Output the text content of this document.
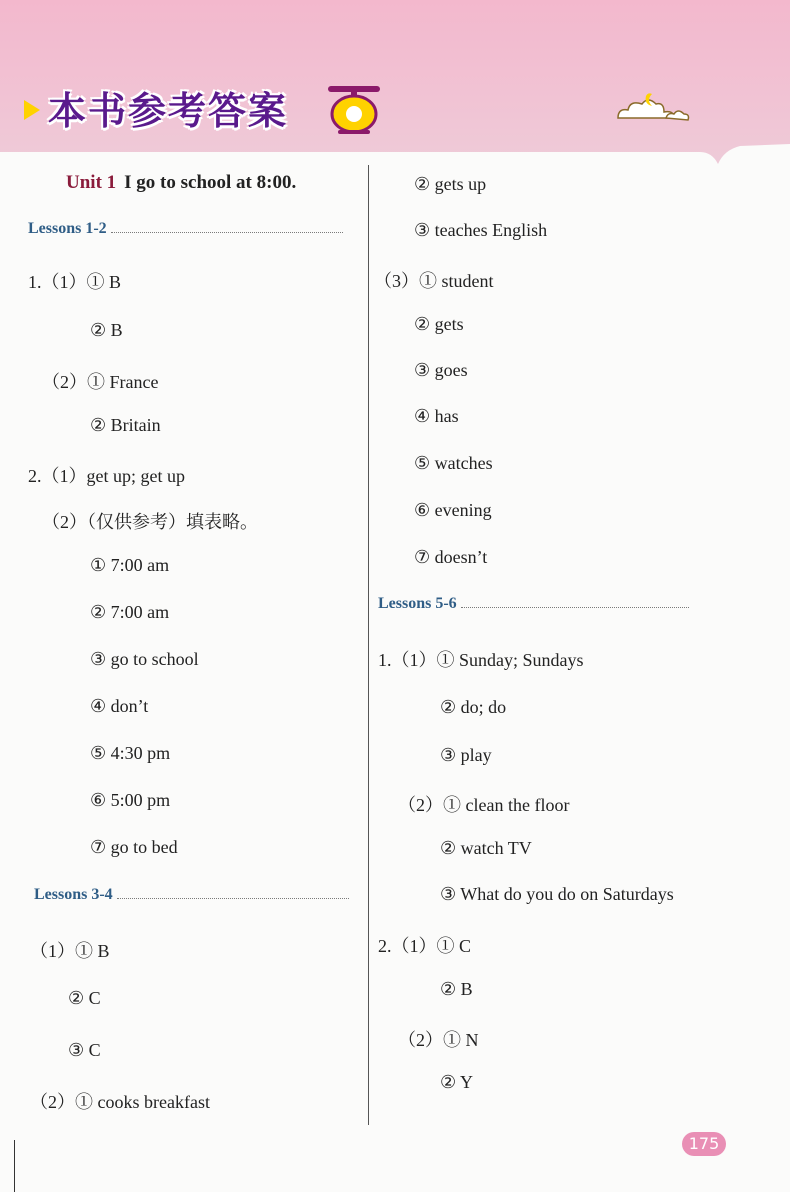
本书参考答案
Unit 1 I go to school at 8:00.
Lessons 1-2
1.（1）① B
② B
（2）① France
② Britain
2.（1）get up; get up
（2）（仅供参考）填表略。
① 7:00 am
② 7:00 am
③ go to school
④ don’t
⑤ 4:30 pm
⑥ 5:00 pm
⑦ go to bed
Lessons 3-4
（1）① B
② C
③ C
（2）① cooks breakfast
② gets up
③ teaches English
（3）① student
② gets
③ goes
④ has
⑤ watches
⑥ evening
⑦ doesn’t
Lessons 5-6
1.（1）① Sunday; Sundays
② do; do
③ play
（2）① clean the floor
② watch TV
③ What do you do on Saturdays
2.（1）① C
② B
（2）① N
② Y
175
